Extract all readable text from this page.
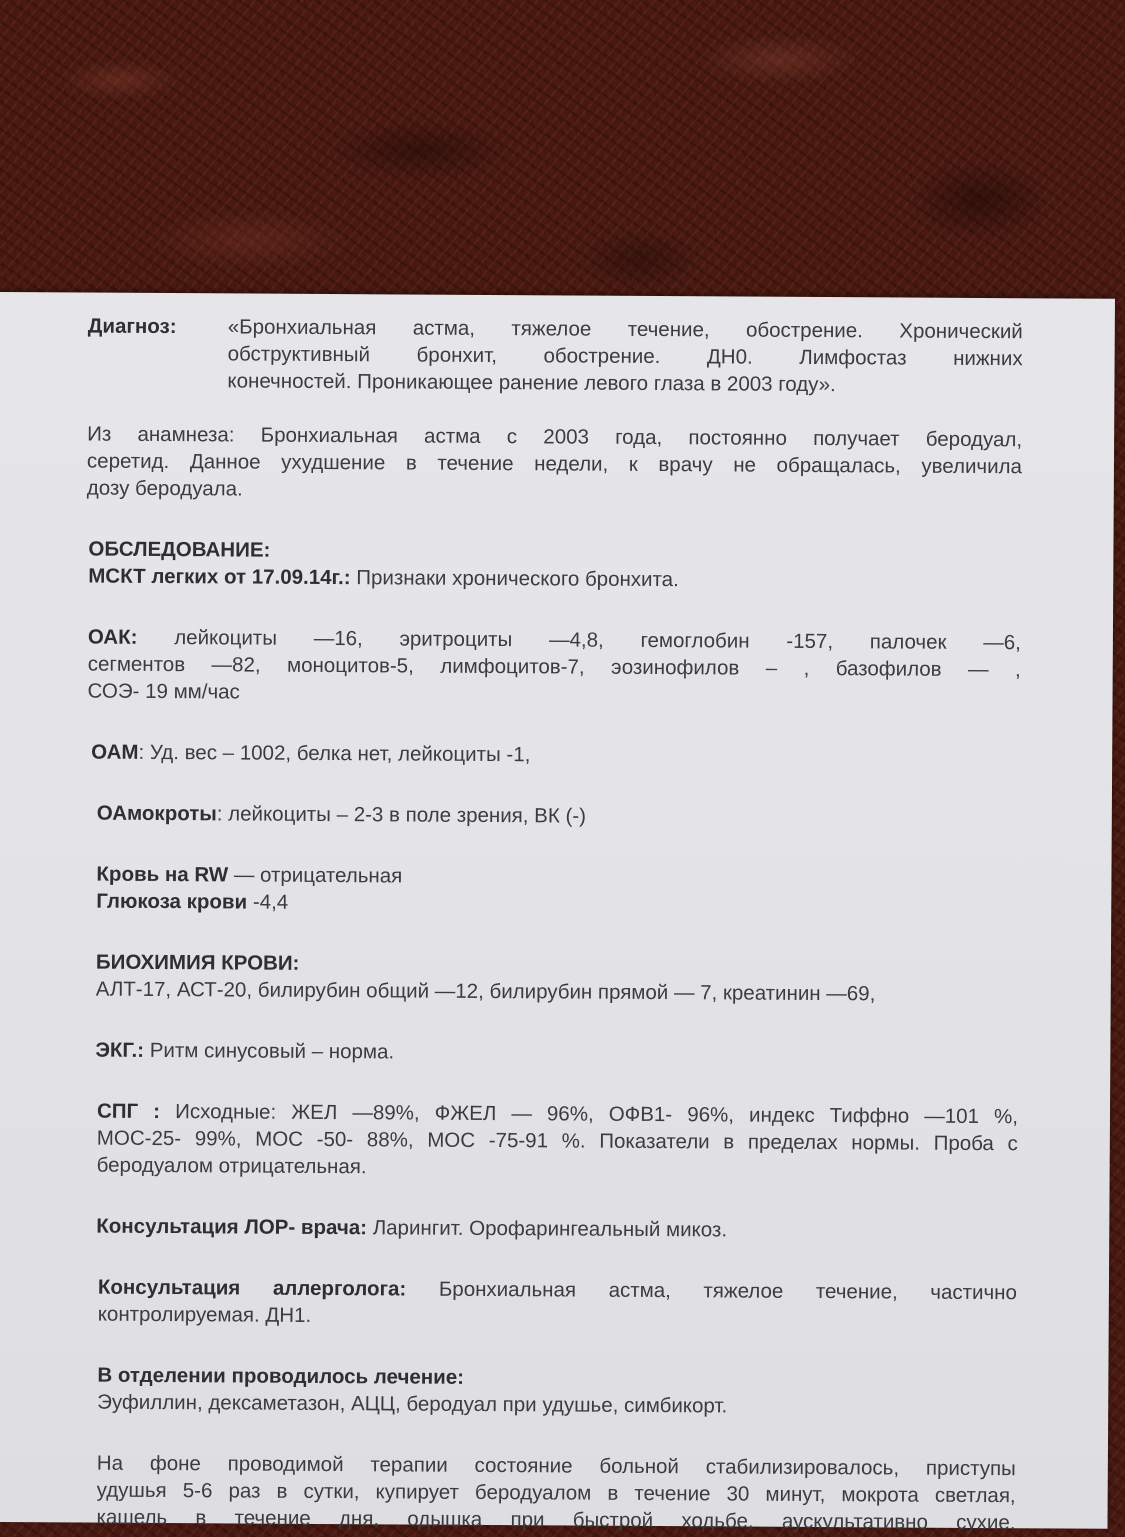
Диагноз:	«Бронхиальная астма, тяжелое течение, обострение. Хронический

обструктивный бронхит, обострение. ДН0. Лимфостаз нижних

конечностей. Проникающее ранение левого глаза в 2003 году».

Из анамнеза: Бронхиальная астма с 2003 года, постоянно получает беродуал,

серетид. Данное ухудшение в течение недели, к врачу не обращалась, увеличила

дозу беродуала.

ОБСЛЕДОВАНИЕ:

МСКТ легких от 17.09.14г.: Признаки хронического бронхита.

ОАК: лейкоциты —16, эритроциты —4,8, гемоглобин -157, палочек —6,

сегментов —82, моноцитов-5, лимфоцитов-7, эозинофилов – , базофилов — ,

СОЭ- 19 мм/час

ОАМ: Уд. вес – 1002, белка нет, лейкоциты -1,

ОАмокроты: лейкоциты – 2-3 в поле зрения, ВК (-)

Кровь на RW — отрицательная

Глюкоза крови -4,4

БИОХИМИЯ КРОВИ:

АЛТ-17, АСТ-20, билирубин общий —12, билирубин прямой — 7, креатинин —69,

ЭКГ.: Ритм синусовый – норма.

СПГ : Исходные: ЖЕЛ —89%, ФЖЕЛ — 96%, ОФВ1- 96%, индекс Тиффно —101 %,

МОС-25- 99%, МОС -50- 88%, МОС -75-91 %. Показатели в пределах нормы. Проба с

беродуалом отрицательная.

Консультация ЛОР- врача: Ларингит. Орофарингеальный микоз.

Консультация аллерголога: Бронхиальная астма, тяжелое течение, частично

контролируемая. ДН1.

В отделении проводилось лечение:

Эуфиллин, дексаметазон, АЦЦ, беродуал при удушье, симбикорт.

На фоне проводимой терапии состояние больной стабилизировалось, приступы

удушья 5-6 раз в сутки, купирует беродуалом в течение 30 минут, мокрота светлая,

кашель в течение дня, одышка при быстрой ходьбе, аускультативно сухие,
